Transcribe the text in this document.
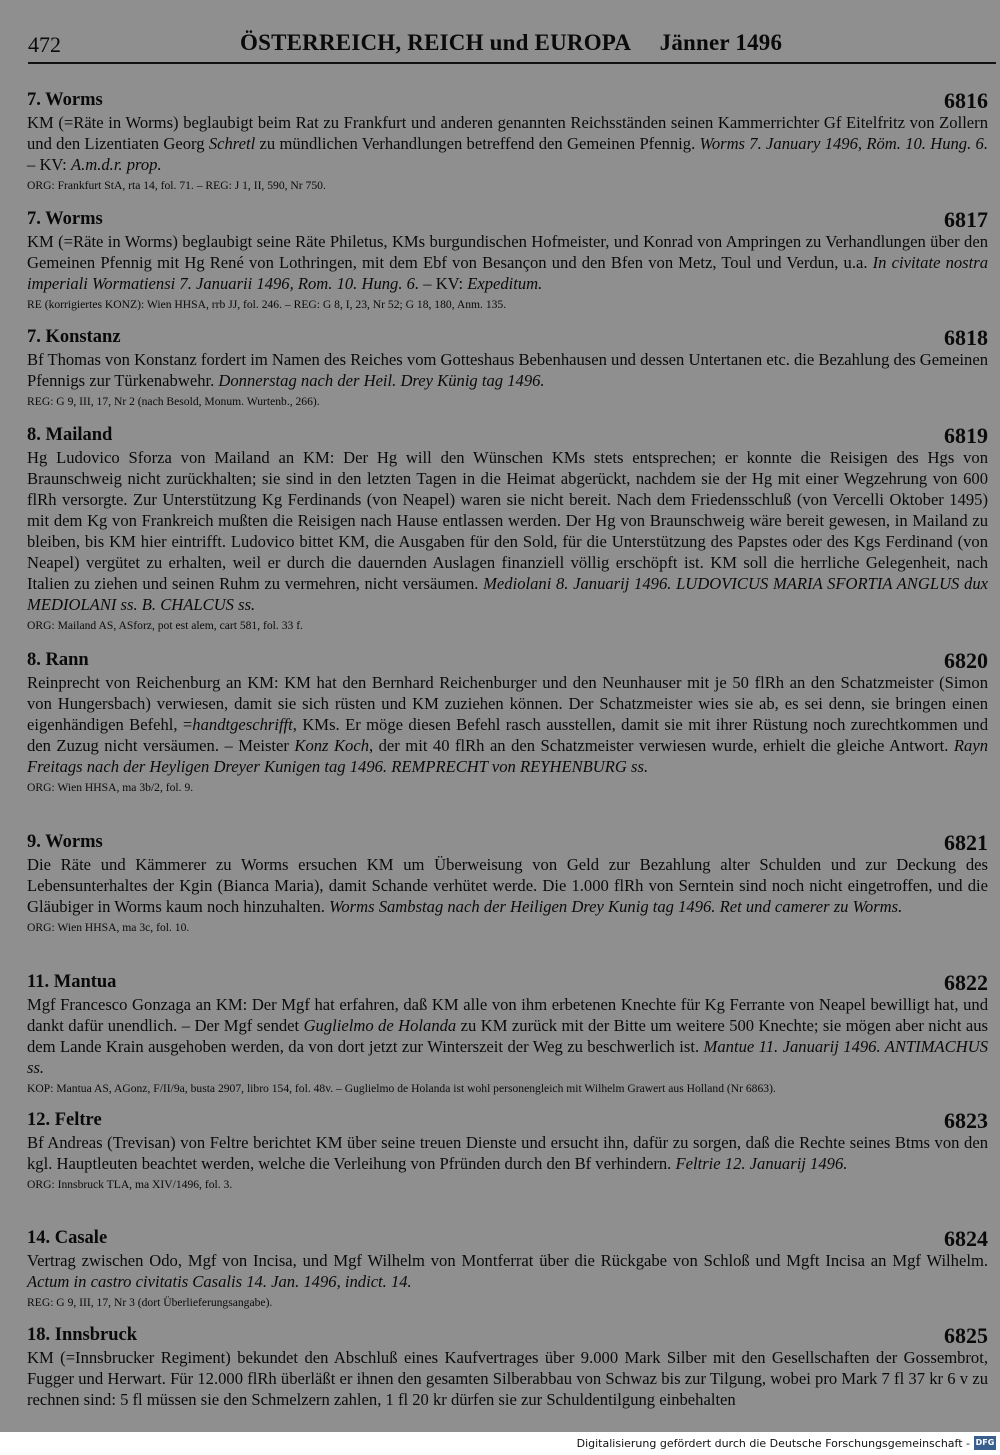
472	ÖSTERREICH, REICH und EUROPA     Jänner 1496
7. Worms	6816
KM (=Räte in Worms) beglaubigt beim Rat zu Frankfurt und anderen genannten Reichsständen seinen Kammerrichter Gf Eitelfritz von Zollern und den Lizentiaten Georg Schretl zu mündlichen Verhandlungen betreffend den Gemeinen Pfennig. Worms 7. January 1496, Röm. 10. Hung. 6. – KV: A.m.d.r. prop.
ORG: Frankfurt StA, rta 14, fol. 71. – REG: J 1, II, 590, Nr 750.
7. Worms	6817
KM (=Räte in Worms) beglaubigt seine Räte Philetus, KMs burgundischen Hofmeister, und Konrad von Ampringen zu Verhandlungen über den Gemeinen Pfennig mit Hg René von Lothringen, mit dem Ebf von Besançon und den Bfen von Metz, Toul und Verdun, u.a. In civitate nostra imperiali Wormatiensi 7. Januarii 1496, Rom. 10. Hung. 6. – KV: Expeditum.
RE (korrigiertes KONZ): Wien HHSA, rrb JJ, fol. 246. – REG: G 8, I, 23, Nr 52; G 18, 180, Anm. 135.
7. Konstanz	6818
Bf Thomas von Konstanz fordert im Namen des Reiches vom Gotteshaus Bebenhausen und dessen Untertanen etc. die Bezahlung des Gemeinen Pfennigs zur Türkenabwehr. Donnerstag nach der Heil. Drey Künig tag 1496.
REG: G 9, III, 17, Nr 2 (nach Besold, Monum. Wurtenb., 266).
8. Mailand	6819
Hg Ludovico Sforza von Mailand an KM: Der Hg will den Wünschen KMs stets entsprechen; er konnte die Reisigen des Hgs von Braunschweig nicht zurückhalten; sie sind in den letzten Tagen in die Heimat abgerückt, nachdem sie der Hg mit einer Wegzehrung von 600 flRh versorgte. Zur Unterstützung Kg Ferdinands (von Neapel) waren sie nicht bereit. Nach dem Friedensschluß (von Vercelli Oktober 1495) mit dem Kg von Frankreich mußten die Reisigen nach Hause entlassen werden. Der Hg von Braunschweig wäre bereit gewesen, in Mailand zu bleiben, bis KM hier eintrifft. Ludovico bittet KM, die Ausgaben für den Sold, für die Unterstützung des Papstes oder des Kgs Ferdinand (von Neapel) vergütet zu erhalten, weil er durch die dauernden Auslagen finanziell völlig erschöpft ist. KM soll die herrliche Gelegenheit, nach Italien zu ziehen und seinen Ruhm zu vermehren, nicht versäumen. Mediolani 8. Januarij 1496. LUDOVICUS MARIA SFORTIA ANGLUS dux MEDIOLANI ss. B. CHALCUS ss.
ORG: Mailand AS, ASforz, pot est alem, cart 581, fol. 33 f.
8. Rann	6820
Reinprecht von Reichenburg an KM: KM hat den Bernhard Reichenburger und den Neunhauser mit je 50 flRh an den Schatzmeister (Simon von Hungersbach) verwiesen, damit sie sich rüsten und KM zuziehen können. Der Schatzmeister wies sie ab, es sei denn, sie bringen einen eigenhändigen Befehl, =handtgeschrifft, KMs. Er möge diesen Befehl rasch ausstellen, damit sie mit ihrer Rüstung noch zurechtkommen und den Zuzug nicht versäumen. – Meister Konz Koch, der mit 40 flRh an den Schatzmeister verwiesen wurde, erhielt die gleiche Antwort. Rayn Freitags nach der Heyligen Dreyer Kunigen tag 1496. REMPRECHT von REYHENBURG ss.
ORG: Wien HHSA, ma 3b/2, fol. 9.
9. Worms	6821
Die Räte und Kämmerer zu Worms ersuchen KM um Überweisung von Geld zur Bezahlung alter Schulden und zur Deckung des Lebensunterhaltes der Kgin (Bianca Maria), damit Schande verhütet werde. Die 1.000 flRh von Serntein sind noch nicht eingetroffen, und die Gläubiger in Worms kaum noch hinzuhalten. Worms Sambstag nach der Heiligen Drey Kunig tag 1496. Ret und camerer zu Worms.
ORG: Wien HHSA, ma 3c, fol. 10.
11. Mantua	6822
Mgf Francesco Gonzaga an KM: Der Mgf hat erfahren, daß KM alle von ihm erbetenen Knechte für Kg Ferrante von Neapel bewilligt hat, und dankt dafür unendlich. – Der Mgf sendet Guglielmo de Holanda zu KM zurück mit der Bitte um weitere 500 Knechte; sie mögen aber nicht aus dem Lande Krain ausgehoben werden, da von dort jetzt zur Winterszeit der Weg zu beschwerlich ist. Mantue 11. Januarij 1496. ANTIMACHUS ss.
KOP: Mantua AS, AGonz, F/II/9a, busta 2907, libro 154, fol. 48v. – Guglielmo de Holanda ist wohl personengleich mit Wilhelm Grawert aus Holland (Nr 6863).
12. Feltre	6823
Bf Andreas (Trevisan) von Feltre berichtet KM über seine treuen Dienste und ersucht ihn, dafür zu sorgen, daß die Rechte seines Btms von den kgl. Hauptleuten beachtet werden, welche die Verleihung von Pfründen durch den Bf verhindern. Feltrie 12. Januarij 1496.
ORG: Innsbruck TLA, ma XIV/1496, fol. 3.
14. Casale	6824
Vertrag zwischen Odo, Mgf von Incisa, und Mgf Wilhelm von Montferrat über die Rückgabe von Schloß und Mgft Incisa an Mgf Wilhelm. Actum in castro civitatis Casalis 14. Jan. 1496, indict. 14.
REG: G 9, III, 17, Nr 3 (dort Überlieferungsangabe).
18. Innsbruck	6825
KM (=Innsbrucker Regiment) bekundet den Abschluß eines Kaufvertrages über 9.000 Mark Silber mit den Gesellschaften der Gossembrot, Fugger und Herwart. Für 12.000 flRh überläßt er ihnen den gesamten Silberabbau von Schwaz bis zur Tilgung, wobei pro Mark 7 fl 37 kr 6 v zu rechnen sind: 5 fl müssen sie den Schmelzern zahlen, 1 fl 20 kr dürfen sie zur Schuldentilgung einbehalten
Digitalisierung gefördert durch die Deutsche Forschungsgemeinschaft - DFG
